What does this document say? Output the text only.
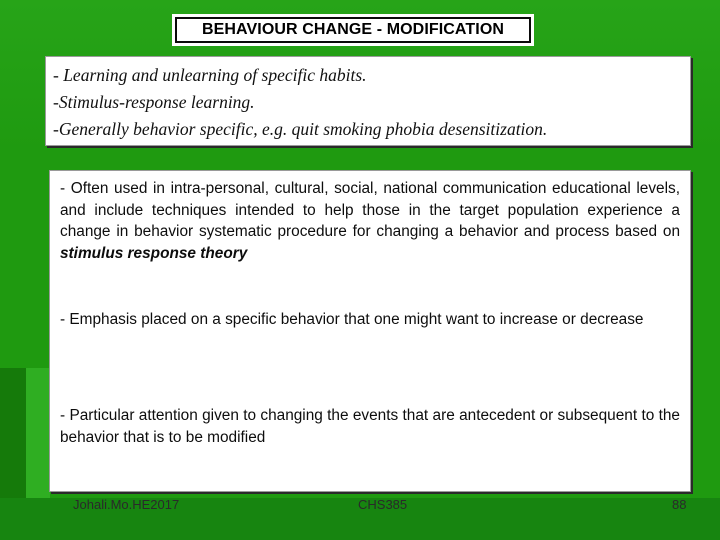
BEHAVIOUR CHANGE - MODIFICATION
- Learning and unlearning of specific habits.
-Stimulus-response learning.
-Generally behavior specific, e.g. quit smoking phobia desensitization.

- Often used in intra-personal, cultural, social, national communication educational levels, and include techniques intended to help those in the target population experience a change in behavior systematic procedure for changing a behavior and process based on stimulus response theory

- Emphasis placed on a specific behavior that one might want to increase or decrease

- Particular attention given to changing the events that are antecedent or subsequent to the behavior that is to be modified

Johali.Mo.HE2017	CHS385	88
